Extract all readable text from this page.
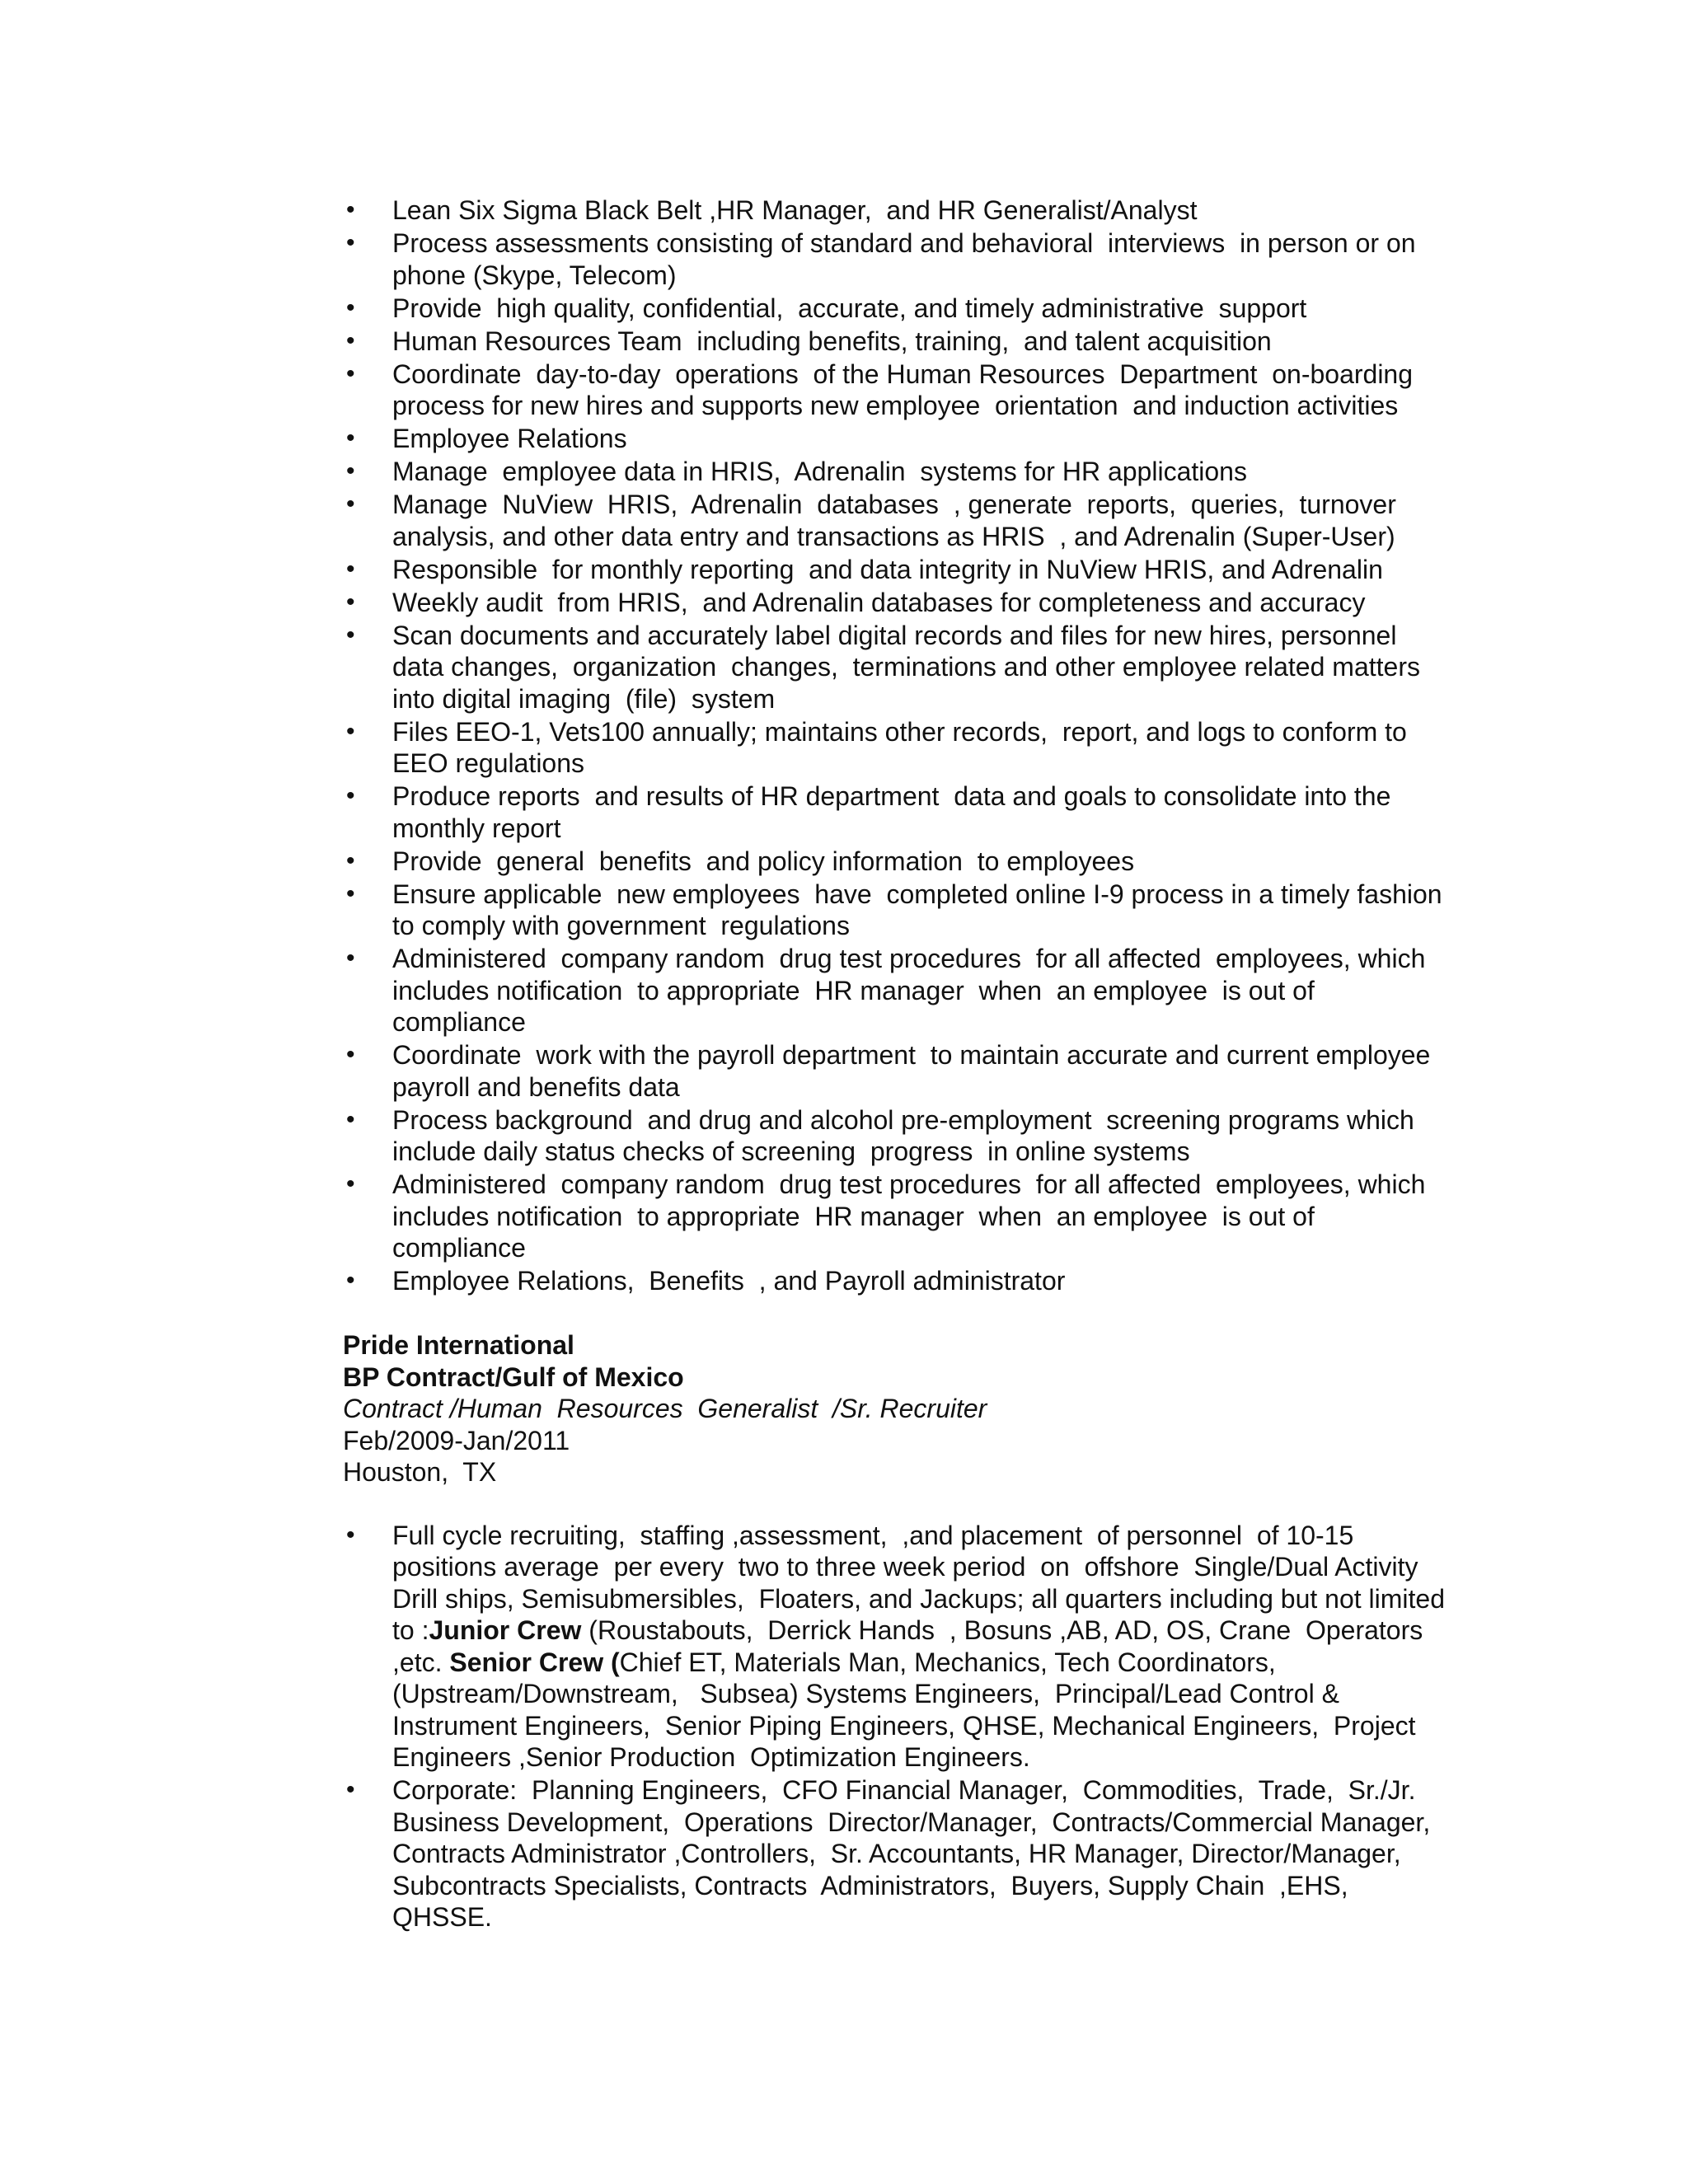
• Lean Six Sigma Black Belt ,HR Manager,  and HR Generalist/Analyst
• Process assessments consisting of standard and behavioral  interviews  in person or on phone (Skype, Telecom)
• Provide  high quality, confidential,  accurate, and timely administrative  support
• Human Resources Team  including benefits, training,  and talent acquisition
• Coordinate  day-to-day  operations  of the Human Resources  Department  on-boarding process for new hires and supports new employee  orientation  and induction activities
• Employee Relations
• Manage  employee data in HRIS,  Adrenalin  systems for HR applications
• Manage  NuView  HRIS,  Adrenalin  databases  , generate  reports,  queries,  turnover analysis, and other data entry and transactions as HRIS  , and Adrenalin (Super-User)
• Responsible  for monthly reporting  and data integrity in NuView HRIS, and Adrenalin
• Weekly audit  from HRIS,  and Adrenalin databases for completeness and accuracy
• Scan documents and accurately label digital records and files for new hires, personnel  data changes,  organization  changes,  terminations and other employee related matters  into digital imaging  (file)  system
• Files EEO-1, Vets100 annually; maintains other records,  report, and logs to conform to EEO regulations
• Produce reports  and results of HR department  data and goals to consolidate into the monthly report
• Provide  general  benefits  and policy information  to employees
• Ensure applicable  new employees  have  completed online I-9 process in a timely fashion  to comply with government  regulations
• Administered  company random  drug test procedures  for all affected  employees, which includes notification  to appropriate  HR manager  when  an employee  is out of compliance
• Coordinate  work with the payroll department  to maintain accurate and current employee  payroll and benefits data
• Process background  and drug and alcohol pre-employment  screening programs which include daily status checks of screening  progress  in online systems
• Administered  company random  drug test procedures  for all affected  employees, which includes notification  to appropriate  HR manager  when  an employee  is out of compliance
• Employee Relations,  Benefits  , and Payroll administrator

Pride International

BP Contract/Gulf of Mexico

Contract /Human  Resources  Generalist  /Sr. Recruiter

Feb/2009-Jan/2011

Houston,  TX

• Full cycle recruiting,  staffing ,assessment,  ,and placement  of personnel  of 10-15 positions average  per every  two to three week period  on  offshore  Single/Dual Activity Drill ships, Semisubmersibles,  Floaters, and Jackups; all quarters including but not limited to :Junior Crew (Roustabouts,  Derrick Hands  , Bosuns ,AB, AD, OS, Crane  Operators  ,etc. Senior Crew (Chief ET, Materials Man, Mechanics, Tech Coordinators,  (Upstream/Downstream,   Subsea) Systems Engineers,  Principal/Lead Control & Instrument Engineers,  Senior Piping Engineers, QHSE, Mechanical Engineers,  Project Engineers ,Senior Production  Optimization Engineers.
• Corporate:  Planning Engineers,  CFO Financial Manager,  Commodities,  Trade,  Sr./Jr. Business Development,  Operations  Director/Manager,  Contracts/Commercial Manager,  Contracts Administrator ,Controllers,  Sr. Accountants, HR Manager, Director/Manager,  Subcontracts Specialists, Contracts  Administrators,  Buyers, Supply Chain  ,EHS, QHSSE.
